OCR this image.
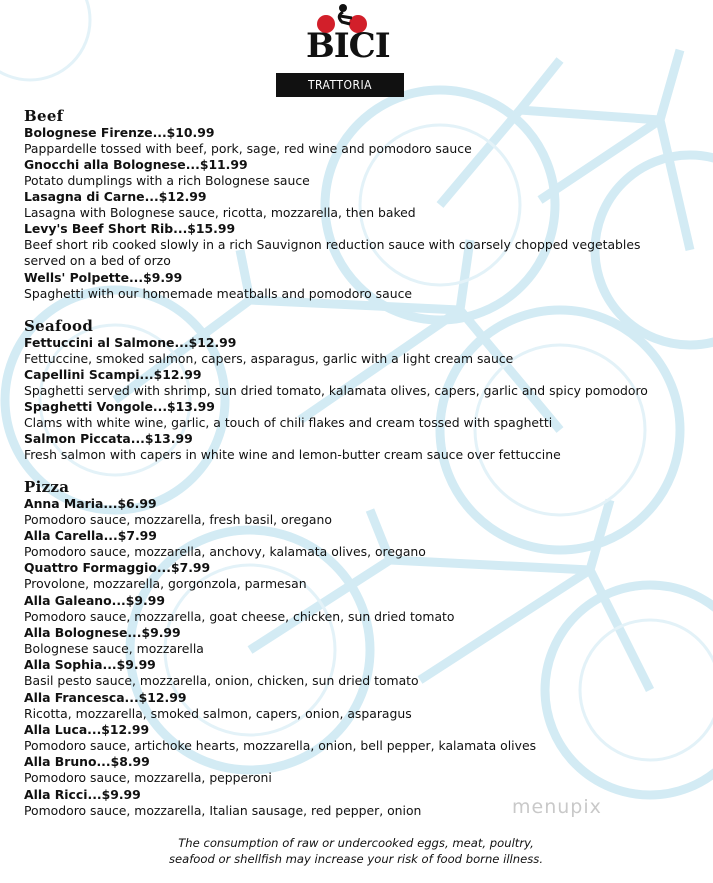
BICI
TRATTORIA
Beef
Bolognese Firenze...$10.99
Pappardelle tossed with beef, pork, sage, red wine and pomodoro sauce
Gnocchi alla Bolognese...$11.99
Potato dumplings with a rich Bolognese sauce
Lasagna di Carne...$12.99
Lasagna with Bolognese sauce, ricotta, mozzarella, then baked
Levy's Beef Short Rib...$15.99
Beef short rib cooked slowly in a rich Sauvignon reduction sauce with coarsely chopped vegetables
served on a bed of orzo
Wells' Polpette...$9.99
Spaghetti with our homemade meatballs and pomodoro sauce
Seafood
Fettuccini al Salmone...$12.99
Fettuccine, smoked salmon, capers, asparagus, garlic with a light cream sauce
Capellini Scampi...$12.99
Spaghetti served with shrimp, sun dried tomato, kalamata olives, capers, garlic and spicy pomodoro
Spaghetti Vongole...$13.99
Clams with white wine, garlic, a touch of chili flakes and cream tossed with spaghetti
Salmon Piccata...$13.99
Fresh salmon with capers in white wine and lemon-butter cream sauce over fettuccine
Pizza
Anna Maria...$6.99
Pomodoro sauce, mozzarella, fresh basil, oregano
Alla Carella...$7.99
Pomodoro sauce, mozzarella, anchovy, kalamata olives, oregano
Quattro Formaggio...$7.99
Provolone, mozzarella, gorgonzola, parmesan
Alla Galeano...$9.99
Pomodoro sauce, mozzarella, goat cheese, chicken, sun dried tomato
Alla Bolognese...$9.99
Bolognese sauce, mozzarella
Alla Sophia...$9.99
Basil pesto sauce, mozzarella, onion, chicken, sun dried tomato
Alla Francesca...$12.99
Ricotta, mozzarella, smoked salmon, capers, onion, asparagus
Alla Luca...$12.99
Pomodoro sauce, artichoke hearts, mozzarella, onion, bell pepper, kalamata olives
Alla Bruno...$8.99
Pomodoro sauce, mozzarella, pepperoni
Alla Ricci...$9.99
Pomodoro sauce, mozzarella, Italian sausage, red pepper, onion	menupix
The consumption of raw or undercooked eggs, meat, poultry,
seafood or shellfish may increase your risk of food borne illness.
